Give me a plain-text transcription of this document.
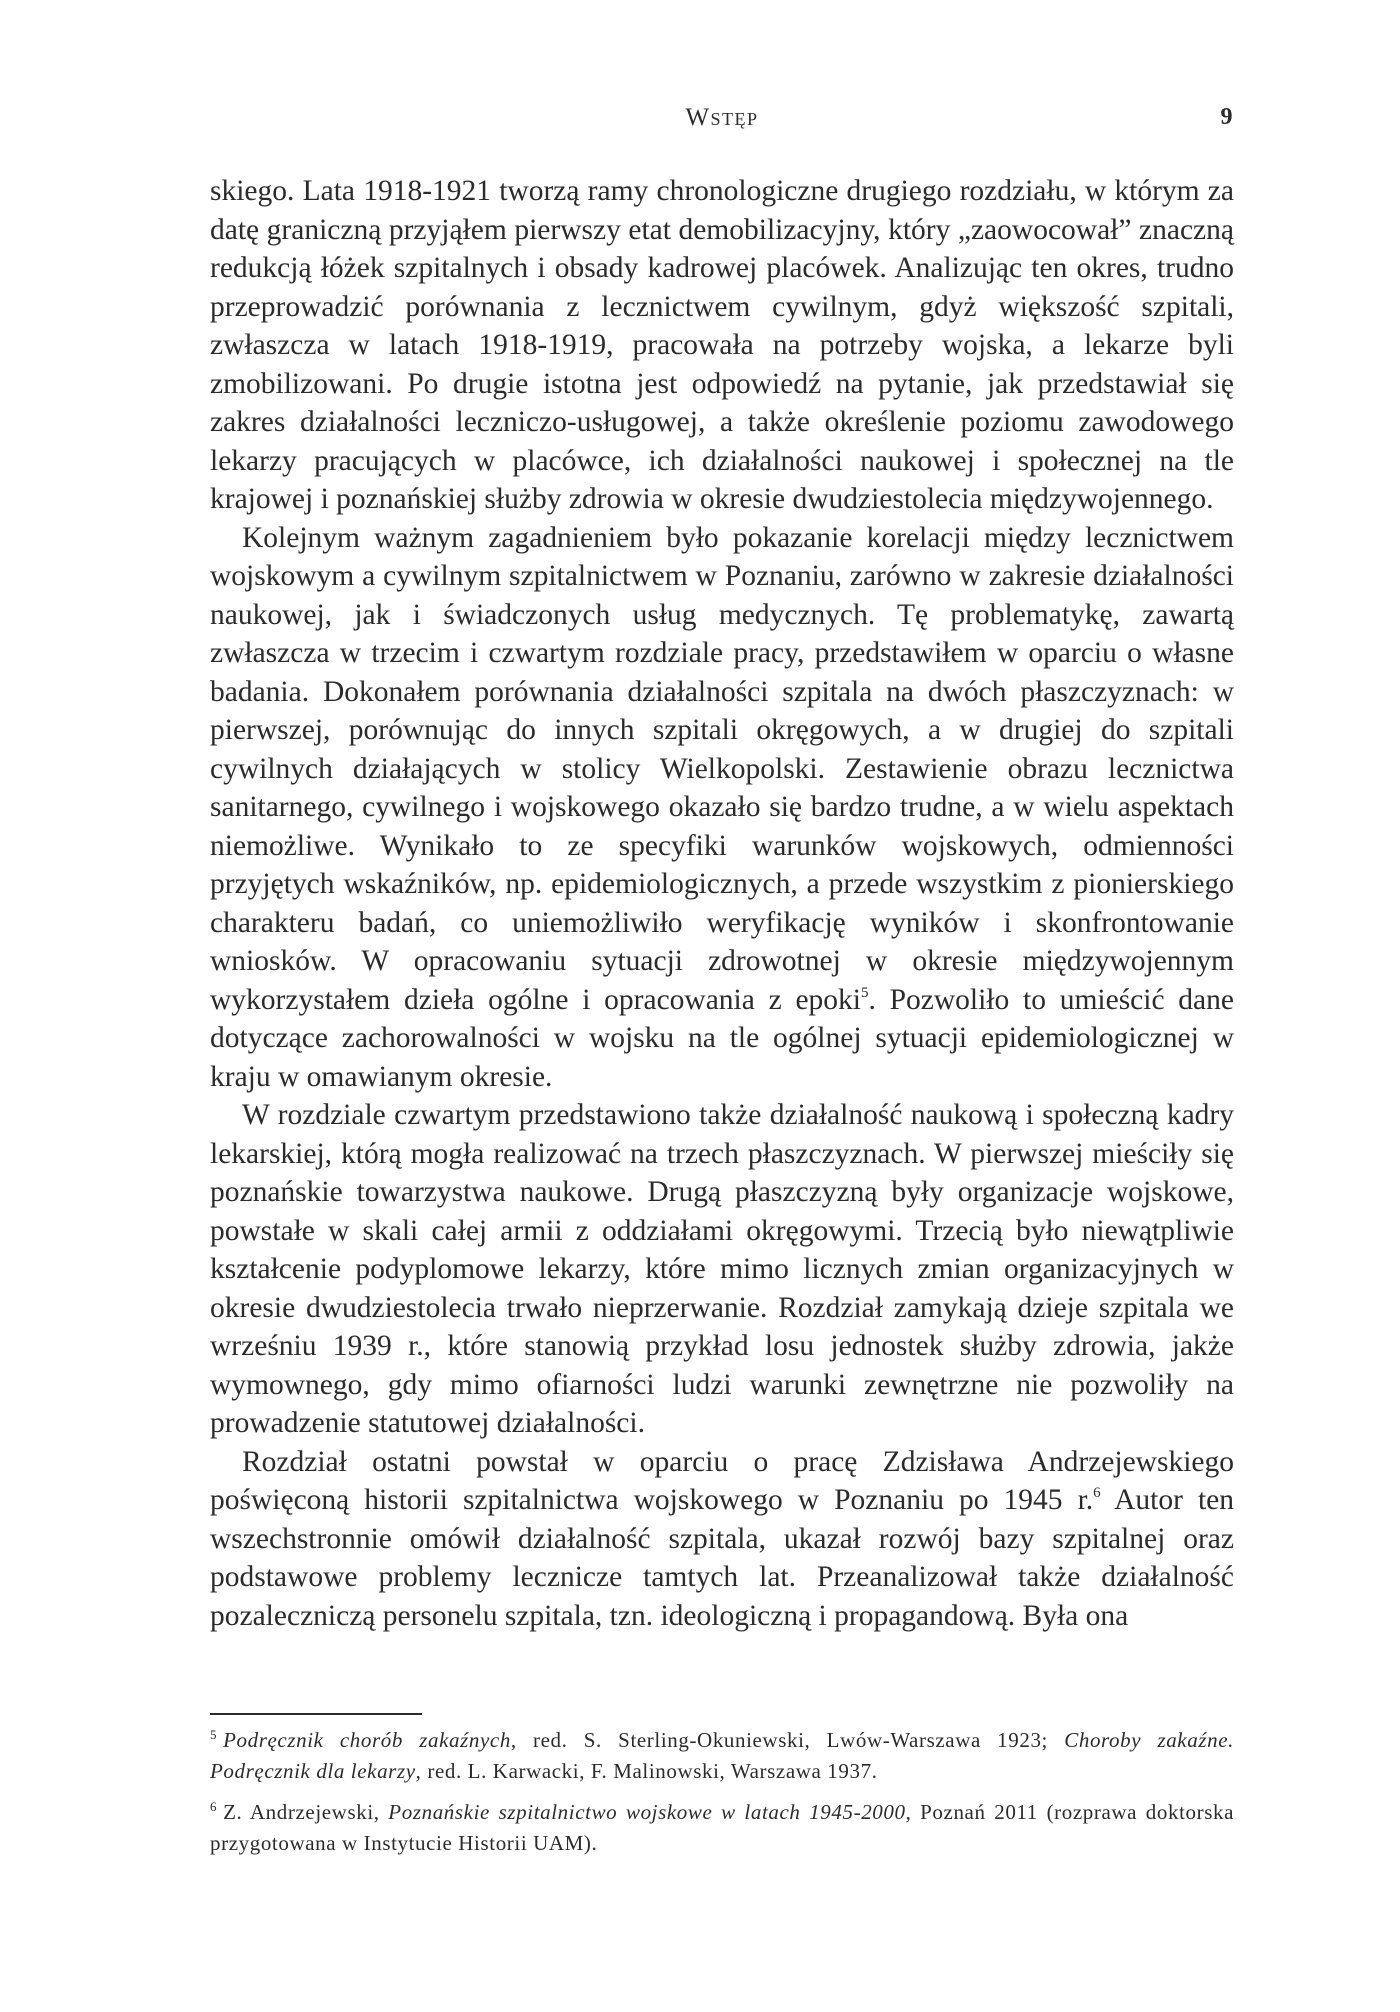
Wstęp	9

skiego. Lata 1918-1921 tworzą ramy chronologiczne drugiego rozdziału, w którym za datę graniczną przyjąłem pierwszy etat demobilizacyjny, który „zaowocował” znaczną redukcją łóżek szpitalnych i obsady kadrowej placówek. Analizując ten okres, trudno przeprowadzić porównania z lecznictwem cywilnym, gdyż większość szpitali, zwłaszcza w latach 1918-1919, pracowała na potrzeby wojska, a lekarze byli zmobilizowani. Po drugie istotna jest odpowiedź na pytanie, jak przedstawiał się zakres działalności leczniczo-usługowej, a także określenie poziomu zawodowego lekarzy pracujących w placówce, ich działalności naukowej i społecznej na tle krajowej i poznańskiej służby zdrowia w okresie dwudziestolecia międzywojennego.

Kolejnym ważnym zagadnieniem było pokazanie korelacji między lecznictwem wojskowym a cywilnym szpitalnictwem w Poznaniu, zarówno w zakresie działalności naukowej, jak i świadczonych usług medycznych. Tę problematykę, zawartą zwłaszcza w trzecim i czwartym rozdziale pracy, przedstawiłem w oparciu o własne badania. Dokonałem porównania działalności szpitala na dwóch płaszczyznach: w pierwszej, porównując do innych szpitali okręgowych, a w drugiej do szpitali cywilnych działających w stolicy Wielkopolski. Zestawienie obrazu lecznictwa sanitarnego, cywilnego i wojskowego okazało się bardzo trudne, a w wielu aspektach niemożliwe. Wynikało to ze specyfiki warunków wojskowych, odmienności przyjętych wskaźników, np. epidemiologicznych, a przede wszystkim z pionierskiego charakteru badań, co uniemożliwiło weryfikację wyników i skonfrontowanie wniosków. W opracowaniu sytuacji zdrowotnej w okresie międzywojennym wykorzystałem dzieła ogólne i opracowania z epoki$^5$. Pozwoliło to umieścić dane dotyczące zachorowalności w wojsku na tle ogólnej sytuacji epidemiologicznej w kraju w omawianym okresie.

W rozdziale czwartym przedstawiono także działalność naukową i społeczną kadry lekarskiej, którą mogła realizować na trzech płaszczyznach. W pierwszej mieściły się poznańskie towarzystwa naukowe. Drugą płaszczyzną były organizacje wojskowe, powstałe w skali całej armii z oddziałami okręgowymi. Trzecią było niewątpliwie kształcenie podyplomowe lekarzy, które mimo licznych zmian organizacyjnych w okresie dwudziestolecia trwało nieprzerwanie. Rozdział zamykają dzieje szpitala we wrześniu 1939 r., które stanowią przykład losu jednostek służby zdrowia, jakże wymownego, gdy mimo ofiarności ludzi warunki zewnętrzne nie pozwoliły na prowadzenie statutowej działalności.

Rozdział ostatni powstał w oparciu o pracę Zdzisława Andrzejewskiego poświęconą historii szpitalnictwa wojskowego w Poznaniu po 1945 r.$^6$ Autor ten wszechstronnie omówił działalność szpitala, ukazał rozwój bazy szpitalnej oraz podstawowe problemy lecznicze tamtych lat. Przeanalizował także działalność pozaleczniczą personelu szpitala, tzn. ideologiczną i propagandową. Była ona

$^5$ Podręcznik chorób zakaźnych, red. S. Sterling-Okuniewski, Lwów-Warszawa 1923; Choroby zakaźne. Podręcznik dla lekarzy, red. L. Karwacki, F. Malinowski, Warszawa 1937.

$^6$ Z. Andrzejewski, Poznańskie szpitalnictwo wojskowe w latach 1945-2000, Poznań 2011 (rozprawa doktorska przygotowana w Instytucie Historii UAM).
